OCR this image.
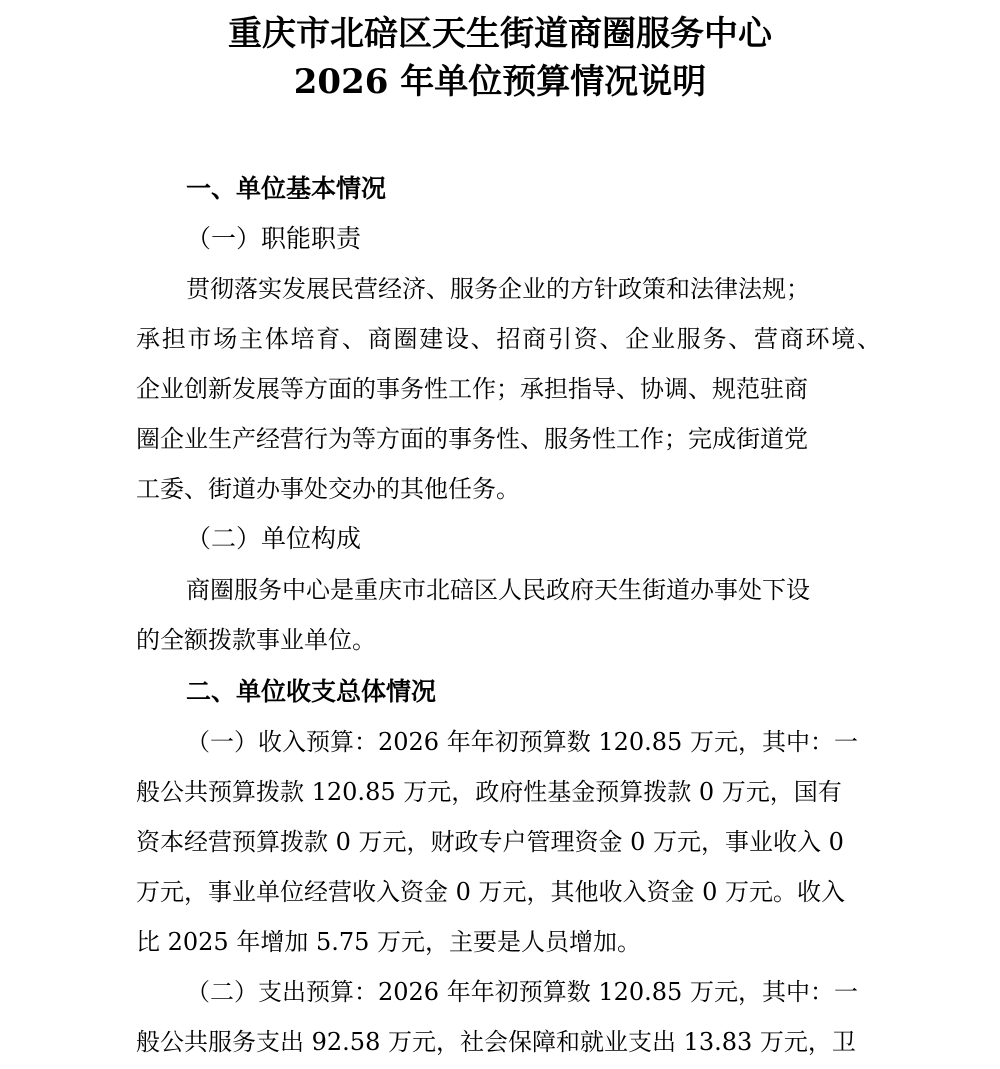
重庆市北碚区天生街道商圈服务中心
2026 年单位预算情况说明
一、单位基本情况
（一）职能职责
贯彻落实发展民营经济、服务企业的方针政策和法律法规；
承担市场主体培育、商圈建设、招商引资、企业服务、营商环境、
企业创新发展等方面的事务性工作；承担指导、协调、规范驻商
圈企业生产经营行为等方面的事务性、服务性工作；完成街道党
工委、街道办事处交办的其他任务。
（二）单位构成
商圈服务中心是重庆市北碚区人民政府天生街道办事处下设
的全额拨款事业单位。
二、单位收支总体情况
（一）收入预算：2026 年年初预算数 120.85 万元，其中：一
般公共预算拨款 120.85 万元，政府性基金预算拨款 0 万元，国有
资本经营预算拨款 0 万元，财政专户管理资金 0 万元，事业收入 0
万元，事业单位经营收入资金 0 万元，其他收入资金 0 万元。收入
比 2025 年增加 5.75 万元，主要是人员增加。
（二）支出预算：2026 年年初预算数 120.85 万元，其中：一
般公共服务支出 92.58 万元，社会保障和就业支出 13.83 万元，卫
